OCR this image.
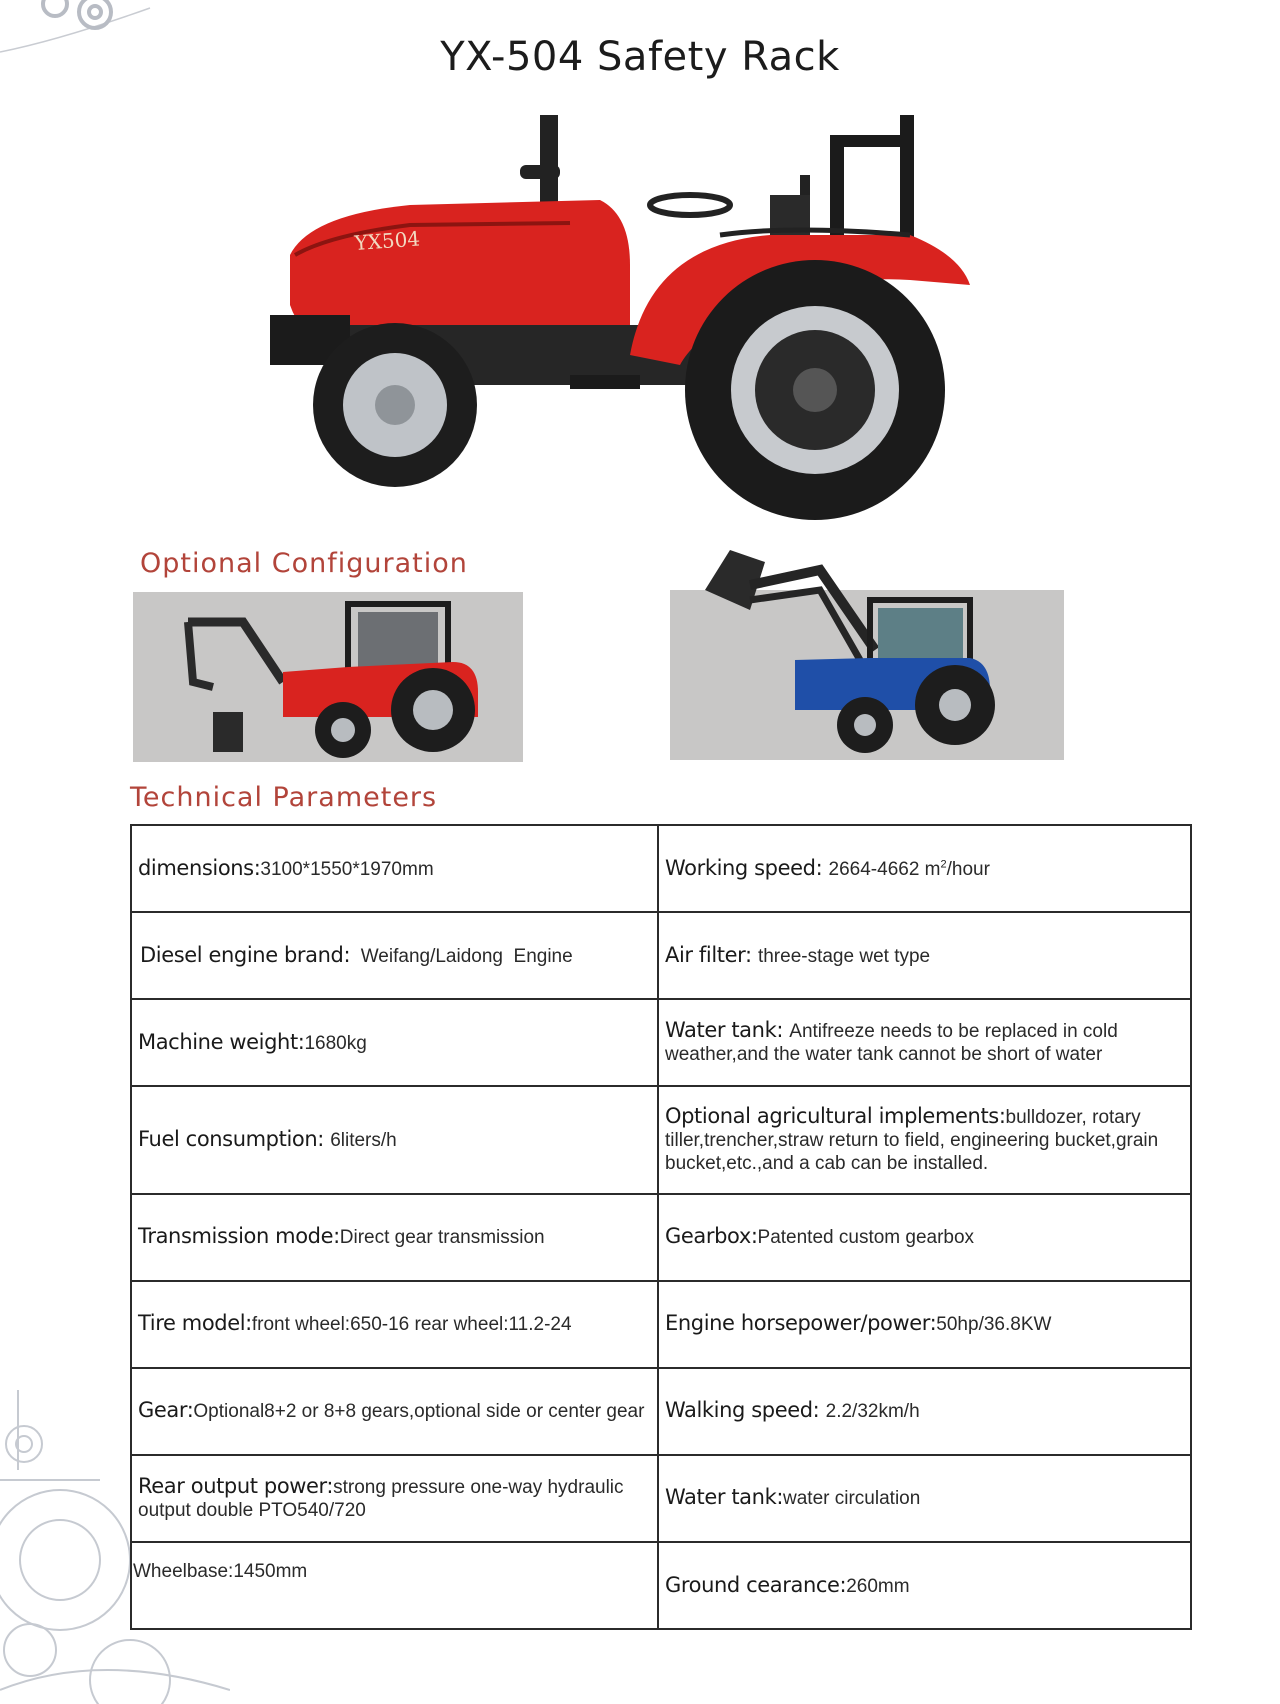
YX-504 Safety Rack
YX504
Optional Configuration
Technical Parameters
dimensions:3100*1550*1970mm	Working speed: 2664-4662 $m^2$/hour
Diesel engine brand:  Weifang/Laidong  Engine	Air filter: three-stage wet type
Machine weight:1680kg	Water tank: Antifreeze needs to be replaced in cold weather,and the water tank cannot be short of water
Fuel consumption: 6liters/h	Optional agricultural implements:bulldozer, rotary tiller,trencher,straw return to field, engineering bucket,grain bucket,etc.,and a cab can be installed.
Transmission mode:Direct gear transmission	Gearbox:Patented custom gearbox
Tire model:front wheel:650-16 rear wheel:11.2-24	Engine horsepower/power:50hp/36.8KW
Gear:Optional8+2 or 8+8 gears,optional side or center gear	Walking speed: 2.2/32km/h
Rear output power:strong pressure one-way hydraulic output double PTO540/720	Water tank:water circulation
Wheelbase:1450mm	Ground cearance:260mm
